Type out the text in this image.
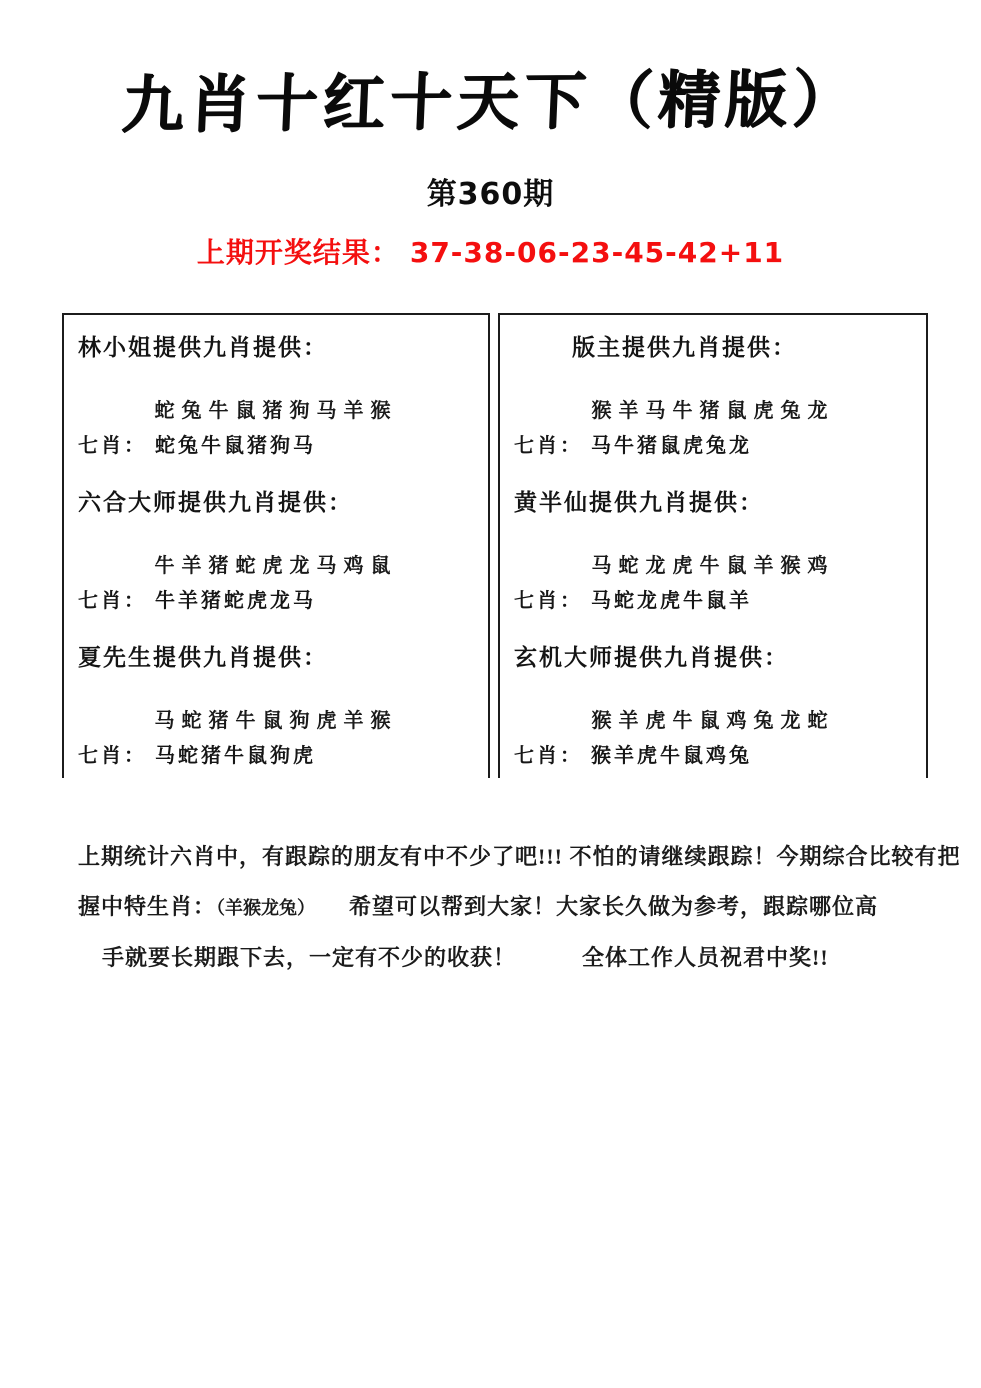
九肖十红十天下（精版）
第360期
上期开奖结果： 37-38-06-23-45-42+11
林小姐提供九肖提供：
蛇兔牛鼠猪狗马羊猴
七肖： 蛇兔牛鼠猪狗马
六合大师提供九肖提供：
牛羊猪蛇虎龙马鸡鼠
七肖： 牛羊猪蛇虎龙马
夏先生提供九肖提供：
马蛇猪牛鼠狗虎羊猴
七肖： 马蛇猪牛鼠狗虎
版主提供九肖提供：
猴羊马牛猪鼠虎兔龙
七肖： 马牛猪鼠虎兔龙
黄半仙提供九肖提供：
马蛇龙虎牛鼠羊猴鸡
七肖： 马蛇龙虎牛鼠羊
玄机大师提供九肖提供：
猴羊虎牛鼠鸡兔龙蛇
七肖： 猴羊虎牛鼠鸡兔
上期统计六肖中，有跟踪的朋友有中不少了吧!!! 不怕的请继续跟踪！今期综合比较有把
握中特生肖：（羊猴龙兔） 希望可以帮到大家！大家长久做为参考，跟踪哪位高
手就要长期跟下去，一定有不少的收获！	全体工作人员祝君中奖!!
